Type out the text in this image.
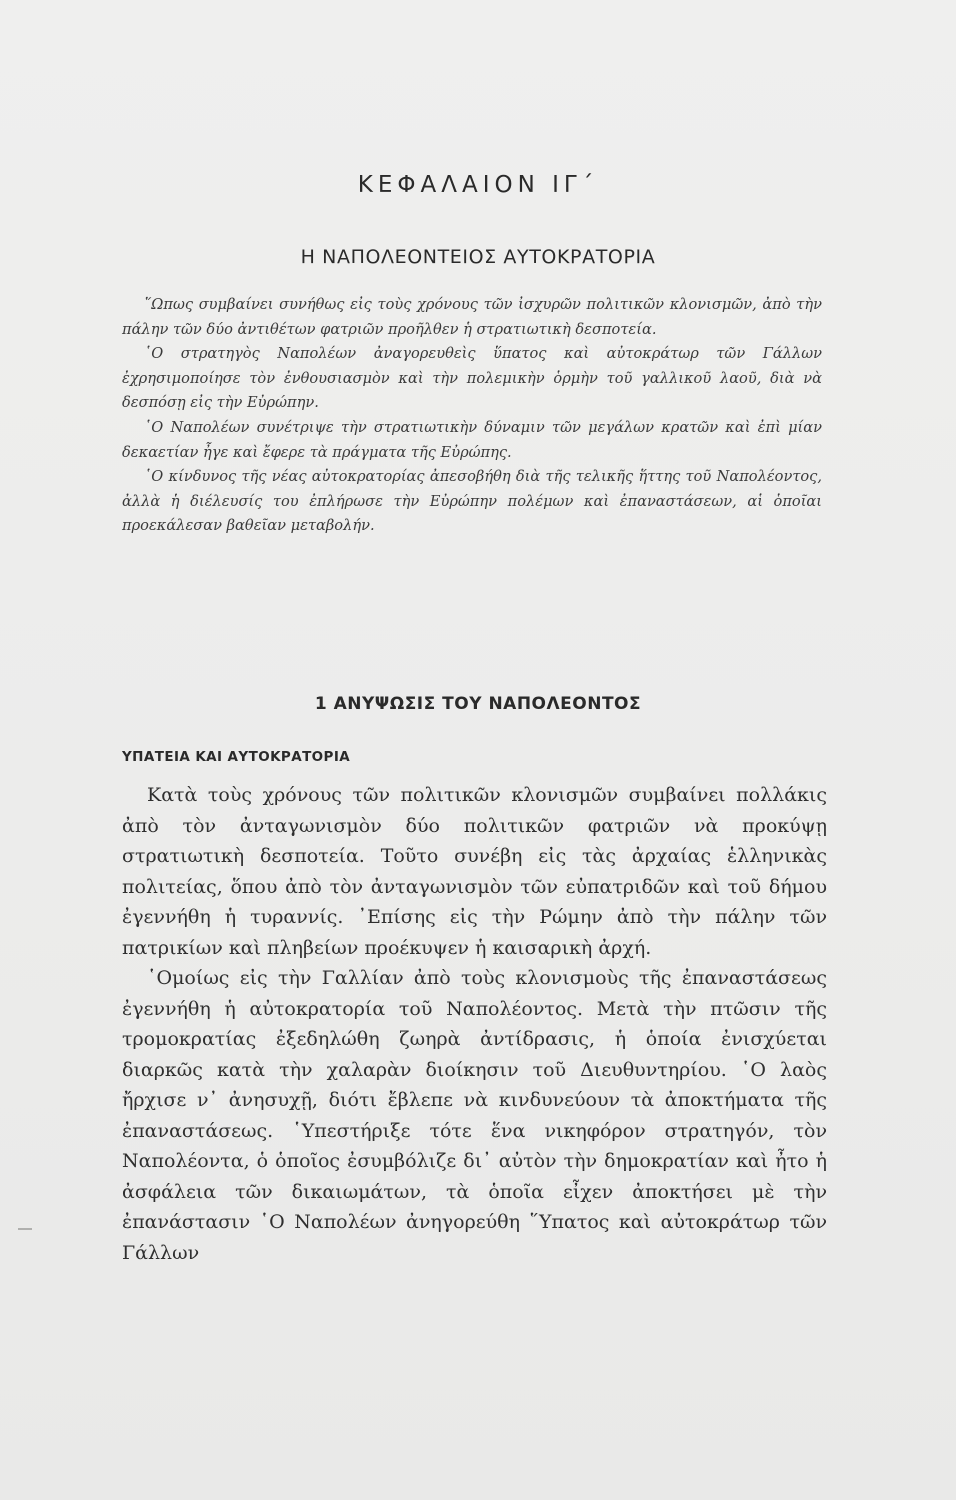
ΚΕΦΑΛΑΙΟΝ ΙΓ΄
Η ΝΑΠΟΛΕΟΝΤΕΙΟΣ ΑΥΤΟΚΡΑΤΟΡΙΑ

῞Ωπως συμβαίνει συνήθως εἰς τοὺς χρόνους τῶν ἰσχυρῶν πολιτικῶν κλονισμῶν, ἀπὸ τὴν πάλην τῶν δύο ἀντιθέτων φατριῶν προῆλθεν ἡ στρατιωτικὴ δεσποτεία.

῾Ο στρατηγὸς Ναπολέων ἀναγορευθεὶς ὕπατος καὶ αὐτοκράτωρ τῶν Γάλλων ἐχρησιμοποίησε τὸν ἐνθουσιασμὸν καὶ τὴν πολεμικὴν ὁρμὴν τοῦ γαλλικοῦ λαοῦ, διὰ νὰ δεσπόσῃ εἰς τὴν Εὐρώπην.

῾Ο Ναπολέων συνέτριψε τὴν στρατιωτικὴν δύναμιν τῶν μεγάλων κρατῶν καὶ ἐπὶ μίαν δεκαετίαν ἦγε καὶ ἔφερε τὰ πράγματα τῆς Εὐρώπης.

῾Ο κίνδυνος τῆς νέας αὐτοκρατορίας ἀπεσοβήθη διὰ τῆς τελικῆς ἥττης τοῦ Ναπολέοντος, ἀλλὰ ἡ διέλευσίς του ἐπλήρωσε τὴν Εὐρώπην πολέμων καὶ ἐπαναστάσεων, αἱ ὁποῖαι προεκάλεσαν βαθεῖαν μεταβολήν.

1 ΑΝΥΨΩΣΙΣ ΤΟΥ ΝΑΠΟΛΕΟΝΤΟΣ
ΥΠΑΤΕΙΑ ΚΑΙ ΑΥΤΟΚΡΑΤΟΡΙΑ

Κατὰ τοὺς χρόνους τῶν πολιτικῶν κλονισμῶν συμβαίνει πολλάκις ἀπὸ τὸν ἀνταγωνισμὸν δύο πολιτικῶν φατριῶν νὰ προκύψῃ στρατιωτικὴ δεσποτεία. Τοῦτο συνέβη εἰς τὰς ἀρχαίας ἑλληνικὰς πολιτείας, ὅπου ἀπὸ τὸν ἀνταγωνισμὸν τῶν εὐπατριδῶν καὶ τοῦ δήμου ἐγεννήθη ἡ τυραννίς. ᾿Επίσης εἰς τὴν Ρώμην ἀπὸ τὴν πάλην τῶν πατρικίων καὶ πληβείων προέκυψεν ἡ καισαρικὴ ἀρχή.

῾Ομοίως εἰς τὴν Γαλλίαν ἀπὸ τοὺς κλονισμοὺς τῆς ἐπαναστάσεως ἐγεννήθη ἡ αὐτοκρατορία τοῦ Ναπολέοντος. Μετὰ τὴν πτῶσιν τῆς τρομοκρατίας ἐξεδηλώθη ζωηρὰ ἀντίδρασις, ἡ ὁποία ἐνισχύεται διαρκῶς κατὰ τὴν χαλαρὰν διοίκησιν τοῦ Διευθυντηρίου. ῾Ο λαὸς ἤρχισε ν᾿ ἀνησυχῇ, διότι ἔβλεπε νὰ κινδυνεύουν τὰ ἀποκτήματα τῆς ἐπαναστάσεως. ῾Υπεστήριξε τότε ἕνα νικηφόρον στρατηγόν, τὸν Ναπολέοντα, ὁ ὁποῖος ἐσυμβόλιζε δι᾿ αὐτὸν τὴν δημοκρατίαν καὶ ἦτο ἡ ἀσφάλεια τῶν δικαιωμάτων, τὰ ὁποῖα εἶχεν ἀποκτήσει μὲ τὴν ἐπανάστασιν ῾Ο Ναπολέων ἀνηγορεύθη ῞Υπατος καὶ αὐτοκράτωρ τῶν Γάλλων
